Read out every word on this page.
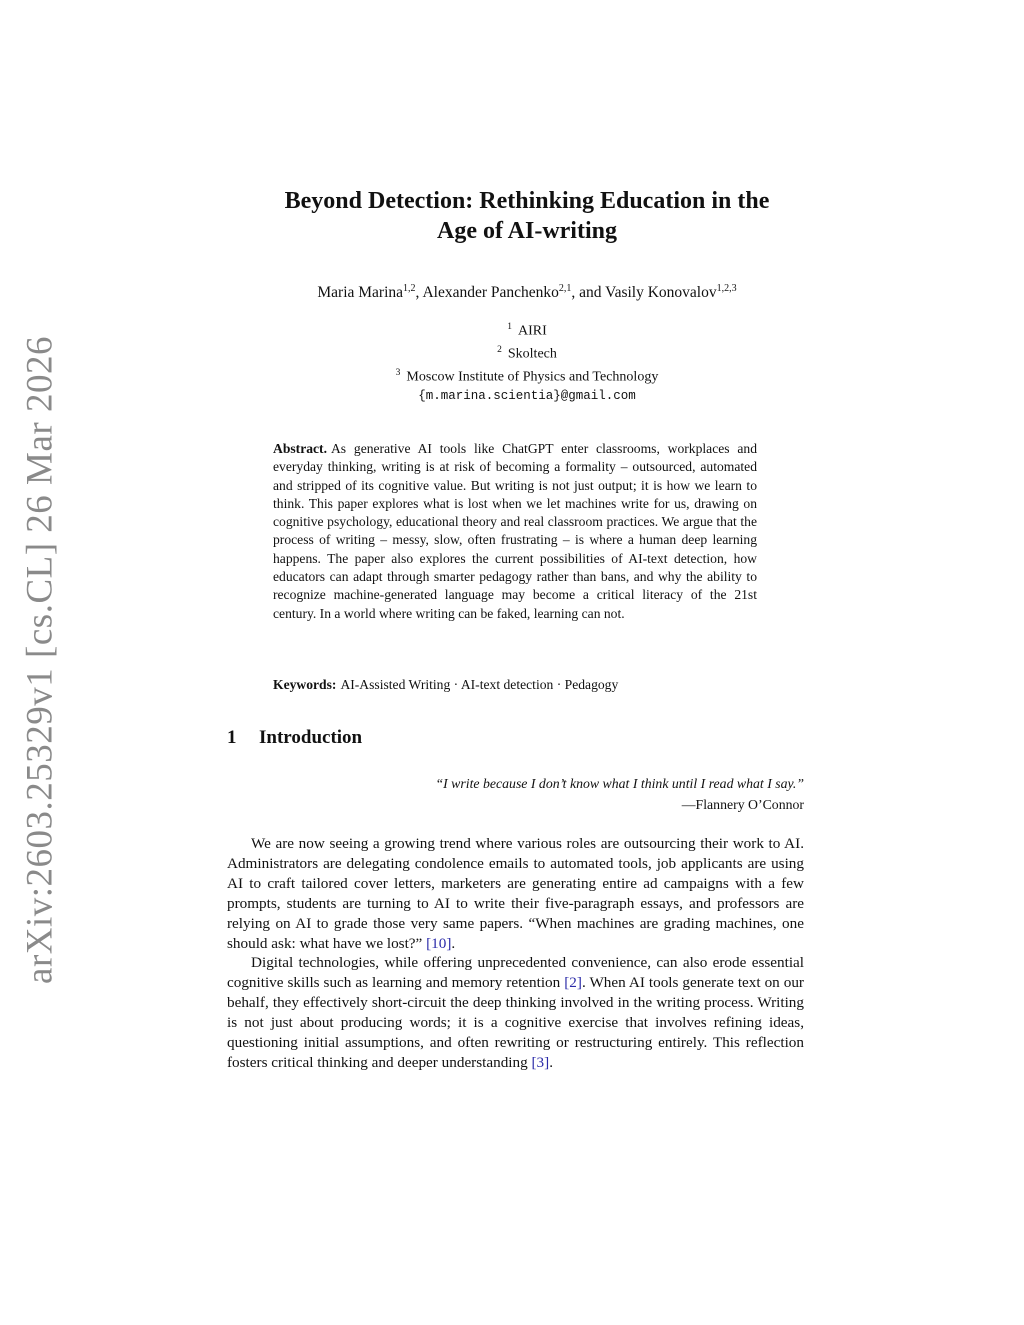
arXiv:2603.25329v1 [cs.CL] 26 Mar 2026
Beyond Detection: Rethinking Education in the
Age of AI-writing
Maria Marina$^{1,2}$, Alexander Panchenko$^{2,1}$, and Vasily Konovalov$^{1,2,3}$
$^1$ AIRI
$^2$ Skoltech
$^3$ Moscow Institute of Physics and Technology
{m.marina.scientia}@gmail.com
Abstract. As generative AI tools like ChatGPT enter classrooms, workplaces and everyday thinking, writing is at risk of becoming a formality – outsourced, automated and stripped of its cognitive value. But writing is not just output; it is how we learn to think. This paper explores what is lost when we let machines write for us, drawing on cognitive psychology, educational theory and real classroom practices. We argue that the process of writing – messy, slow, often frustrating – is where a human deep learning happens. The paper also explores the current possibilities of AI-text detection, how educators can adapt through smarter pedagogy rather than bans, and why the ability to recognize machine-generated language may become a critical literacy of the 21st century. In a world where writing can be faked, learning can not.
Keywords: AI-Assisted Writing · AI-text detection · Pedagogy
1 Introduction
“I write because I don’t know what I think until I read what I say.”
—Flannery O’Connor

We are now seeing a growing trend where various roles are outsourcing their work to AI. Administrators are delegating condolence emails to automated tools, job applicants are using AI to craft tailored cover letters, marketers are generating entire ad campaigns with a few prompts, students are turning to AI to write their five-paragraph essays, and professors are relying on AI to grade those very same papers. “When machines are grading machines, one should ask: what have we lost?” [10].

Digital technologies, while offering unprecedented convenience, can also erode essential cognitive skills such as learning and memory retention [2]. When AI tools generate text on our behalf, they effectively short-circuit the deep thinking involved in the writing process. Writing is not just about producing words; it is a cognitive exercise that involves refining ideas, questioning initial assumptions, and often rewriting or restructuring entirely. This reflection fosters critical thinking and deeper understanding [3].
